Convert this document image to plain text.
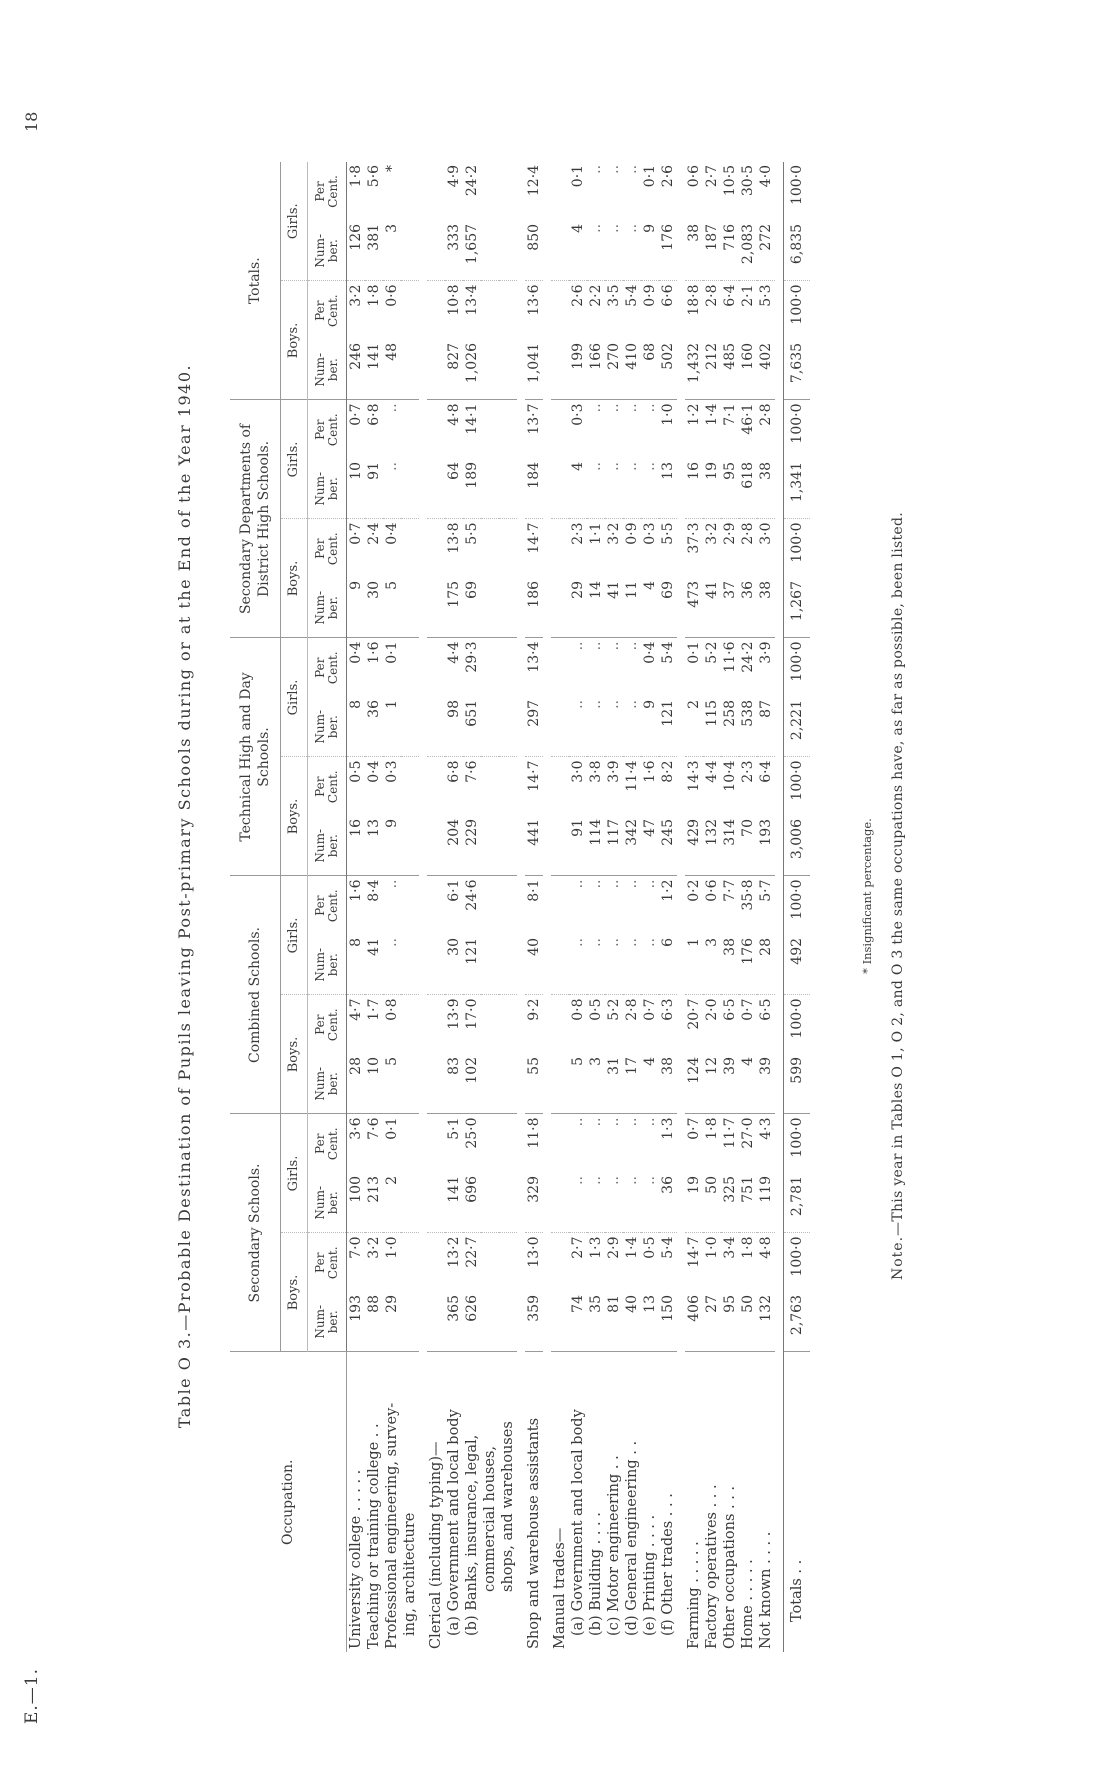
E.—1.
18
Table O 3.—Probable Destination of Pupils leaving Post-primary Schools during or at the End of the Year 1940.
Occupation.	Secondary Schools.				Combined Schools.				Technical High and Day Schools.				Secondary Departments of District High Schools.				Totals.			
	Boys.		Girls.		Boys.		Girls.		Boys.		Girls.		Boys.		Girls.		Boys.		Girls.	
	Num-ber.	Per Cent.	Num-ber.	Per Cent.	Num-ber.	Per Cent.	Num-ber.	Per Cent.	Num-ber.	Per Cent.	Num-ber.	Per Cent.	Num-ber.	Per Cent.	Num-ber.	Per Cent.	Num-ber.	Per Cent.	Num-ber.	Per Cent.
University college . . . . .	193	7·0	100	3·6	28	4·7	8	1·6	16	0·5	8	0·4	9	0·7	10	0·7	246	3·2	126	1·8
Teaching or training college . .	88	3·2	213	7·6	10	1·7	41	8·4	13	0·4	36	1·6	30	2·4	91	6·8	141	1·8	381	5·6
Professional engineering, survey-	29	1·0	2	0·1	5	0·8	..	..	9	0·3	1	0·1	5	0·4	..	..	48	0·6	3	*
ing, architecture																				

Clerical (including typing)—																				
(a) Government and local body	365	13·2	141	5·1	83	13·9	30	6·1	204	6·8	98	4·4	175	13·8	64	4·8	827	10·8	333	4·9
(b) Banks, insurance, legal,	626	22·7	696	25·0	102	17·0	121	24·6	229	7·6	651	29·3	69	5·5	189	14·1	1,026	13·4	1,657	24·2
commercial houses,																				
shops, and warehouses																				

Shop and warehouse assistants	359	13·0	329	11·8	55	9·2	40	8·1	441	14·7	297	13·4	186	14·7	184	13·7	1,041	13·6	850	12·4

Manual trades—																				
(a) Government and local body	74	2·7	..	..	5	0·8	..	..	91	3·0	..	..	29	2·3	4	0·3	199	2·6	4	0·1
(b) Building . . . .	35	1·3	..	..	3	0·5	..	..	114	3·8	..	..	14	1·1	..	..	166	2·2	..	..
(c) Motor engineering . .	81	2·9	..	..	31	5·2	..	..	117	3·9	..	..	41	3·2	..	..	270	3·5	..	..
(d) General engineering . .	40	1·4	..	..	17	2·8	..	..	342	11·4	..	..	11	0·9	..	..	410	5·4	..	..
(e) Printing . . . .	13	0·5	..	..	4	0·7	..	..	47	1·6	9	0·4	4	0·3	..	..	68	0·9	9	0·1
(f) Other trades . . .	150	5·4	36	1·3	38	6·3	6	1·2	245	8·2	121	5·4	69	5·5	13	1·0	502	6·6	176	2·6

Farming . . . . .	406	14·7	19	0·7	124	20·7	1	0·2	429	14·3	2	0·1	473	37·3	16	1·2	1,432	18·8	38	0·6
Factory operatives . . .	27	1·0	50	1·8	12	2·0	3	0·6	132	4·4	115	5·2	41	3·2	19	1·4	212	2·8	187	2·7
Other occupations . . .	95	3·4	325	11·7	39	6·5	38	7·7	314	10·4	258	11·6	37	2·9	95	7·1	485	6·4	716	10·5
Home . . . . .	50	1·8	751	27·0	4	0·7	176	35·8	70	2·3	538	24·2	36	2·8	618	46·1	160	2·1	2,083	30·5
Not known . . . .	132	4·8	119	4·3	39	6·5	28	5·7	193	6·4	87	3·9	38	3·0	38	2·8	402	5·3	272	4·0

Totals . .	2,763	100·0	2,781	100·0	599	100·0	492	100·0	3,006	100·0	2,221	100·0	1,267	100·0	1,341	100·0	7,635	100·0	6,835	100·0
* Insignificant percentage.
Note.—This year in Tables O 1, O 2, and O 3 the same occupations have, as far as possible, been listed.
